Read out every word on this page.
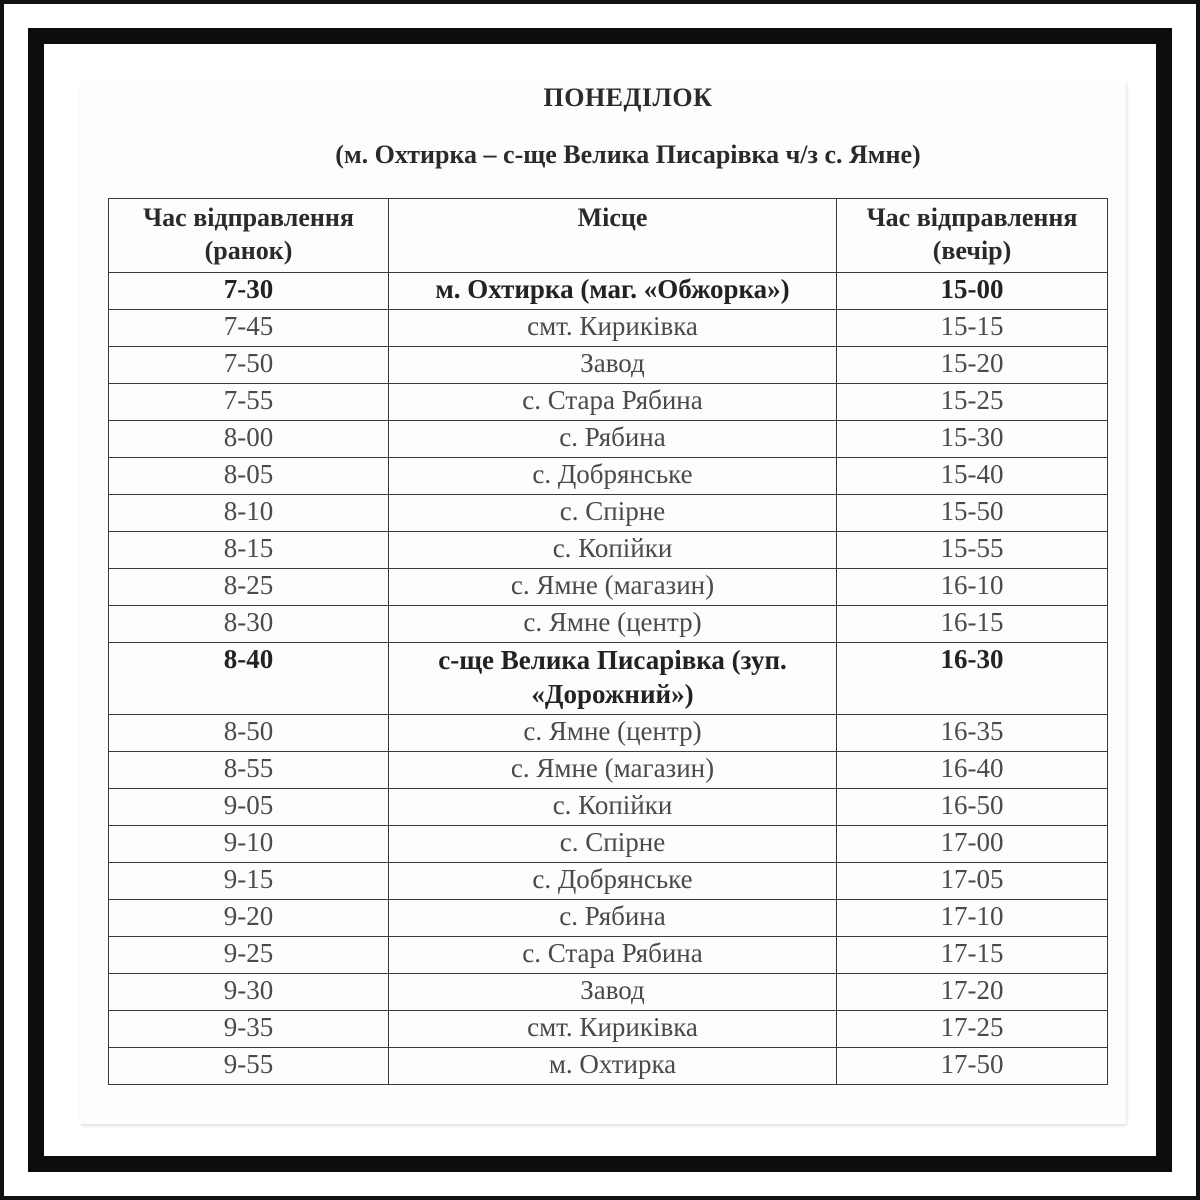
ПОНЕДІЛОК
(м. Охтирка – с-ще Велика Писарівка ч/з с. Ямне)
Час відправлення (ранок)	Місце	Час відправлення (вечір)
7-30	м. Охтирка (маг. «Обжорка»)	15-00
7-45	смт. Кириківка	15-15
7-50	Завод	15-20
7-55	с. Стара Рябина	15-25
8-00	с. Рябина	15-30
8-05	с. Добрянське	15-40
8-10	с. Спірне	15-50
8-15	с. Копійки	15-55
8-25	с. Ямне (магазин)	16-10
8-30	с. Ямне (центр)	16-15
8-40	с-ще Велика Писарівка (зуп. «Дорожний»)	16-30
8-50	с. Ямне (центр)	16-35
8-55	с. Ямне (магазин)	16-40
9-05	с. Копійки	16-50
9-10	с. Спірне	17-00
9-15	с. Добрянське	17-05
9-20	с. Рябина	17-10
9-25	с. Стара Рябина	17-15
9-30	Завод	17-20
9-35	смт. Кириківка	17-25
9-55	м. Охтирка	17-50
